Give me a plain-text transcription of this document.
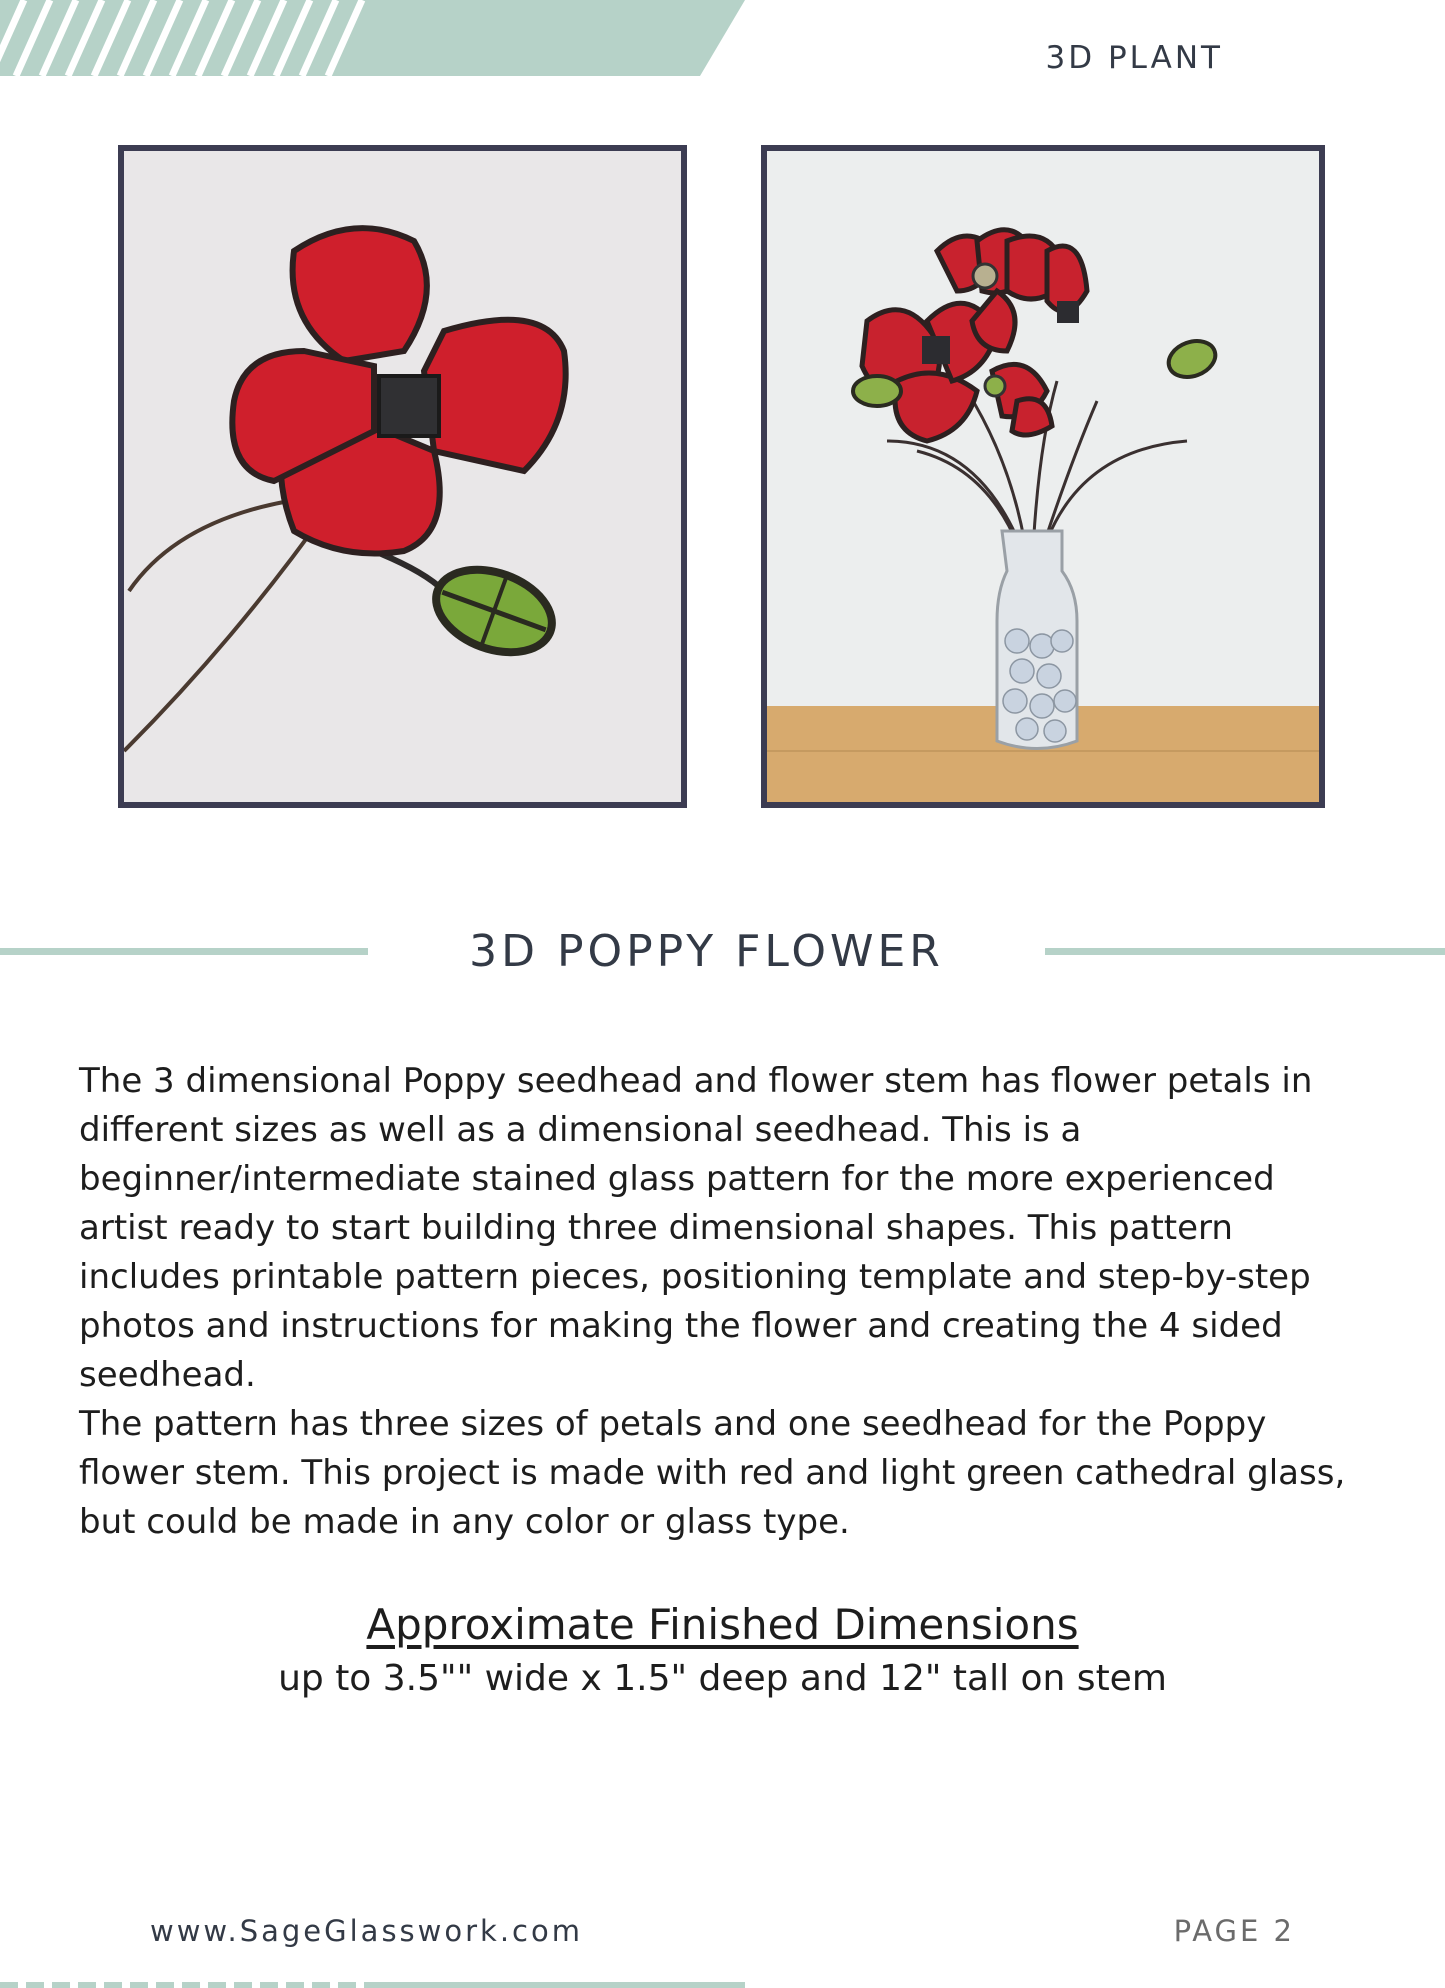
3D PLANT
3D POPPY FLOWER

The 3 dimensional Poppy seedhead and flower stem has flower petals in different sizes as well as a dimensional seedhead. This is a beginner/intermediate stained glass pattern for the more experienced artist ready to start building three dimensional shapes. This pattern includes printable pattern pieces, positioning template and step-by-step photos and instructions for making the flower and creating the 4 sided seedhead.

The pattern has three sizes of petals and one seedhead for the Poppy flower stem. This project is made with red and light green cathedral glass, but could be made in any color or glass type.

Approximate Finished Dimensions
up to 3.5"" wide x 1.5" deep and 12" tall on stem
www.SageGlasswork.com	PAGE 2
